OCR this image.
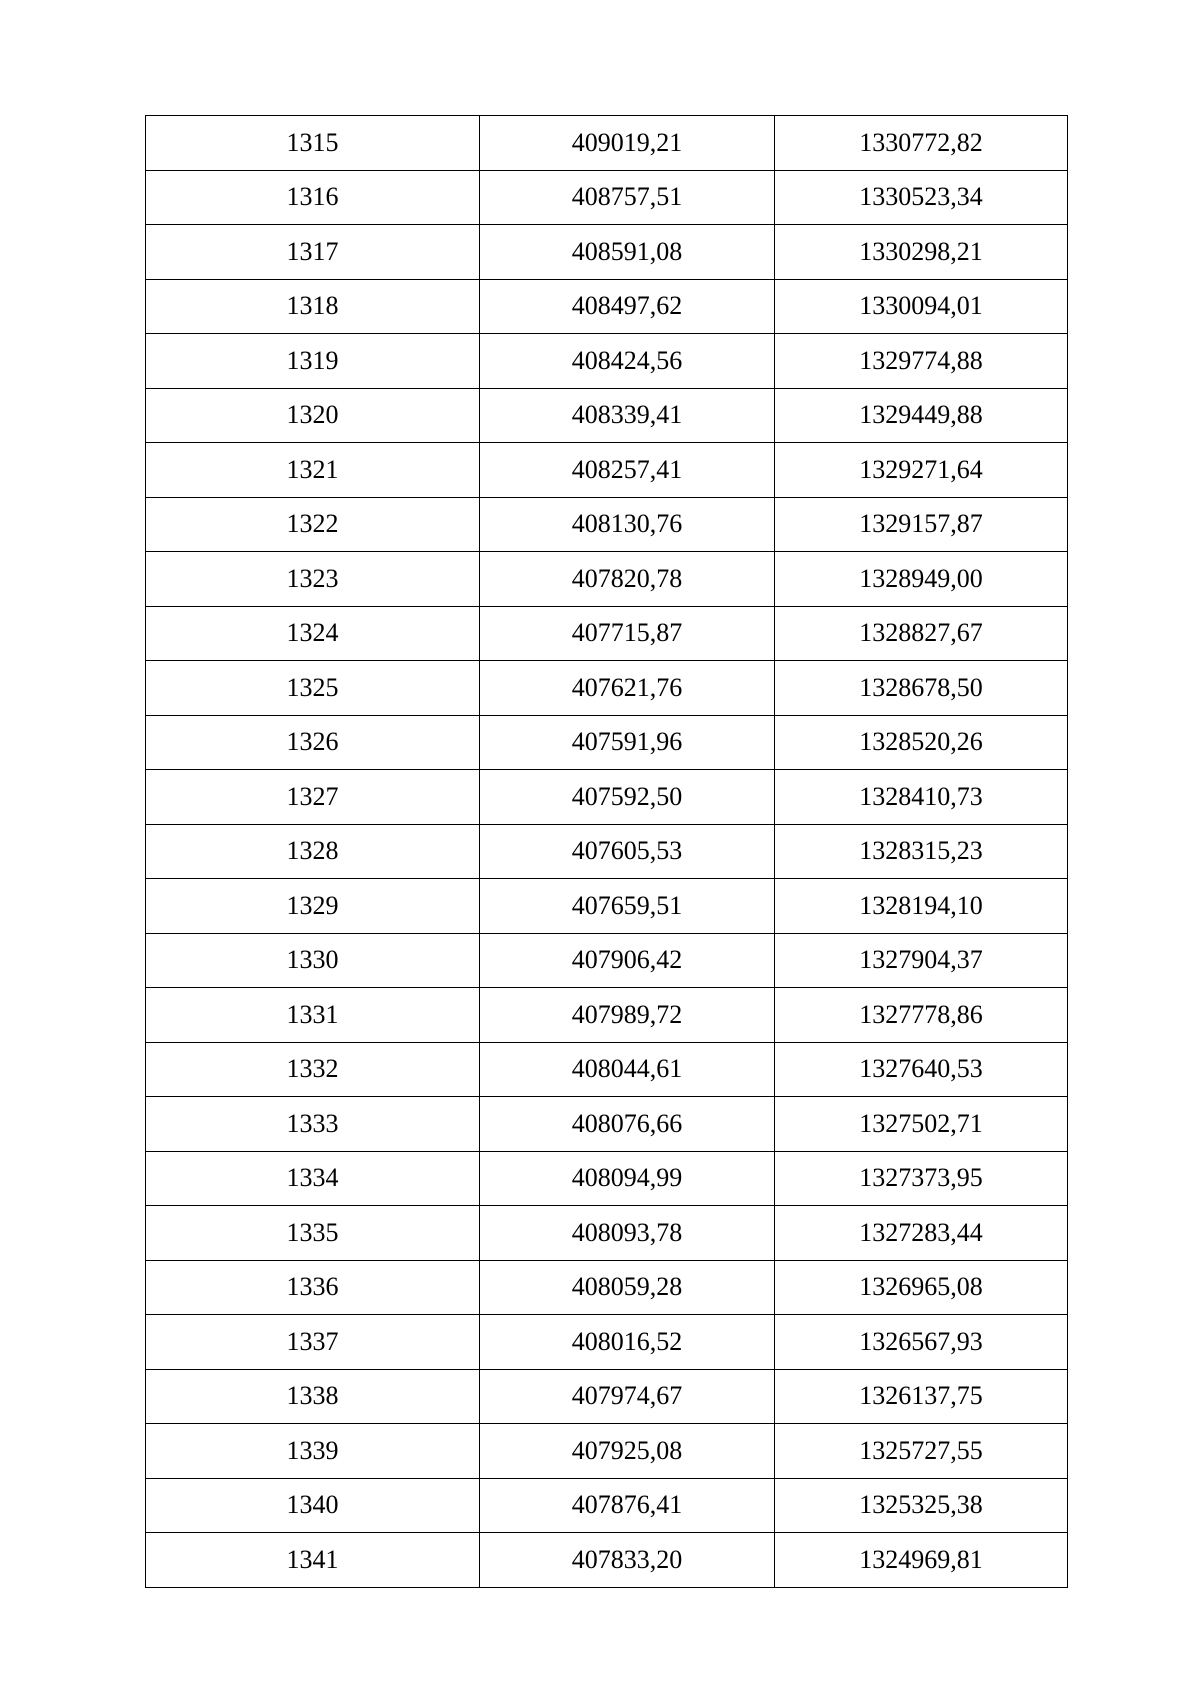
1315	409019,21	1330772,82
1316	408757,51	1330523,34
1317	408591,08	1330298,21
1318	408497,62	1330094,01
1319	408424,56	1329774,88
1320	408339,41	1329449,88
1321	408257,41	1329271,64
1322	408130,76	1329157,87
1323	407820,78	1328949,00
1324	407715,87	1328827,67
1325	407621,76	1328678,50
1326	407591,96	1328520,26
1327	407592,50	1328410,73
1328	407605,53	1328315,23
1329	407659,51	1328194,10
1330	407906,42	1327904,37
1331	407989,72	1327778,86
1332	408044,61	1327640,53
1333	408076,66	1327502,71
1334	408094,99	1327373,95
1335	408093,78	1327283,44
1336	408059,28	1326965,08
1337	408016,52	1326567,93
1338	407974,67	1326137,75
1339	407925,08	1325727,55
1340	407876,41	1325325,38
1341	407833,20	1324969,81
